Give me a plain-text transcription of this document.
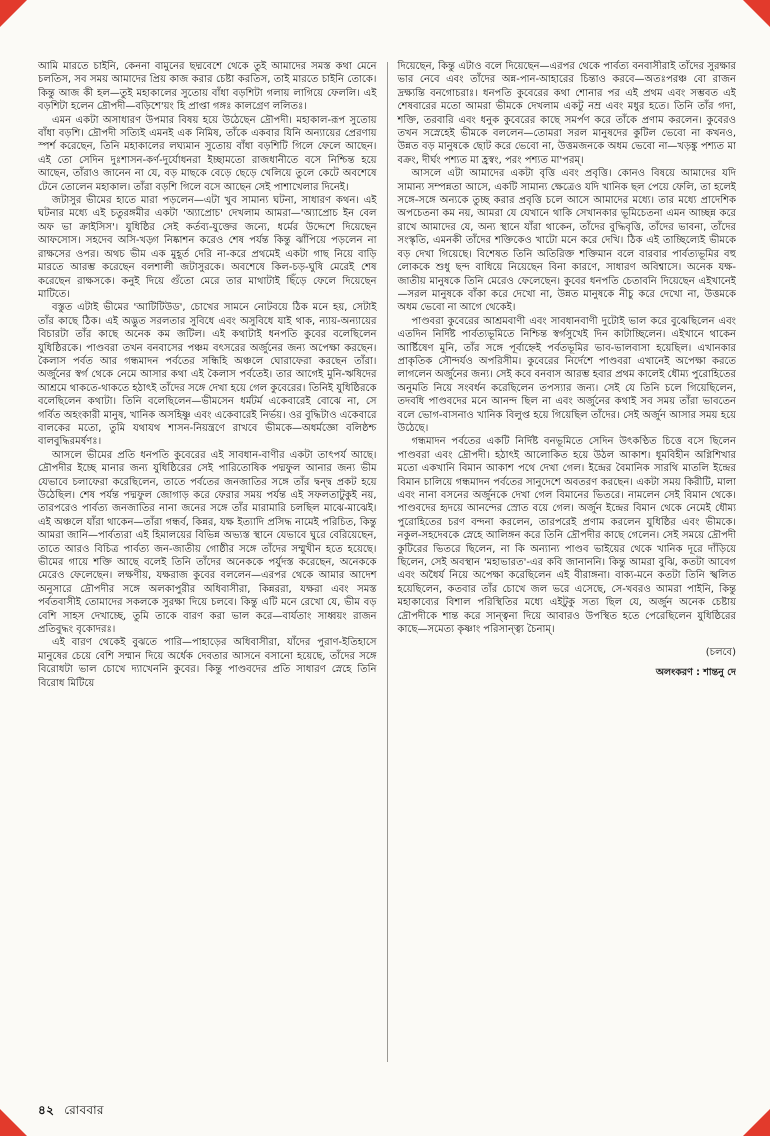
আমি মারতে চাইনি, কেননা বামুনের ছদ্মবেশে থেকে তুই আমাদের সমস্ত কথা মেনে চলতিস, সব সময় আমাদের প্রিয় কাজ করার চেষ্টা করতিস, তাই মারতে চাইনি তোকে। কিন্তু আজ কী হল—তুই মহাকালের সুতোয় বাঁধা বড়শিটা গলায় লাগিয়ে ফেললি। এই বড়শিটা হলেন দ্রৌপদী—বড়িশে'য়ং হি প্রাপ্তা গঙ্গঃ কালগ্রেণ ললিতঃ।

এমন একটা অসাধারণ উপমার বিষয় হয়ে উঠেছেন দ্রৌপদী। মহাকাল-রূপ সুতোয় বাঁধা বড়শি। দ্রৌপদী সত্যিই এমনই এক নিমিষ, তাঁকে একবার যিনি অন্যায়ের প্রেরণায় স্পর্শ করেছেন, তিনি মহাকালের লঘ্যমান সুতোয় বাঁধা বড়শিটি গিলে ফেলে আছেন। এই তো সেদিন দুঃশাসন-কর্ণ-দুর্যোধনরা ইচ্ছামতো রাজধানীতে বসে নিশ্চিন্ত হয়ে আছেন, তাঁরাও জানেন না যে, বড় মাছকে বেড়ে ছেড়ে খেলিয়ে তুলে কেটে অবশেষে টেনে তোলেন মহাকাল। তাঁরা বড়শি গিলে বসে আছেন সেই পাশাখেলার দিনেই।

জটাসুর ভীমের হাতে মারা পড়লেন—এটা খুব সামান্য ঘটনা, সাধারণ কথন। এই ঘটনার মধ্যে এই চতুরঙ্গমীর একটা 'অ্যাপ্রোচ' দেখলাম আমরা—'অ্যাপ্রোচ ইন বেল অফ ভা ক্রাইসিস'। যুধিষ্ঠির সেই কর্তব্য-যুক্তের জন্যে, ধর্মের উদ্দেশে দিয়েছেন আফসোস। সহদেব অসি-খড়্গ নিষ্কাশন করেও শেষ পর্যন্ত কিন্তু ঝাঁপিয়ে পড়লেন না রাক্ষসের ওপর। অথচ ভীম এক মুহূর্ত দেরি না-করে প্রথমেই একটা গাছ নিয়ে বাড়ি মারতে আরম্ভ করেছেন বলশালী জটাসুরকে। অবশেষে কিল-চড়-ঘুষি মেরেই শেষ করেছেন রাক্ষসকে। কনুই দিয়ে গুঁতো মেরে তার মাথাটাই ছিঁড়ে ফেলে দিয়েছেন মাটিতে।

বস্তুত এটাই ভীমের 'আটিটিউড', চোখের সামনে নোটবয়ে ঠিক মনে হয়, সেটাই তাঁর কাছে ঠিক। এই অদ্ভুত সরলতার সুবিধে এবং অসুবিধে যাই থাক, ন্যায়-অন্যায়ের বিচারটা তাঁর কাছে অনেক কম জটিল। এই কথাটাই ধনপতি কুবের বলেছিলেন যুধিষ্ঠিরকে। পাণ্ডবরা তখন বনবাসের পঞ্চম বৎসরের অর্জুনের জন্য অপেক্ষা করছেন। কৈলাস পর্বত আর গন্ধমাদন পর্বতের সন্ধিহি অঞ্চলে ঘোরাফেরা করছেন তাঁরা। অর্জুনের স্বর্গ থেকে নেমে আসার কথা এই কৈলাস পর্বতেই। তার আগেই মুনি-ঋষিদের আশ্রমে থাকতে-থাকতে হঠাৎই তাঁদের সঙ্গে দেখা হয়ে গেল কুবেরের। তিনিই যুধিষ্ঠিরকে বলেছিলেন কথাটা। তিনি বলেছিলেন—ভীমসেন ধর্মটর্ম একেবারেই বোঝে না, সে গর্বিত অহংকারী মানুষ, খানিক অসহিষ্ণু এবং একেবারেই নির্ভয়। ওর বুদ্ধিটাও একেবারে বালকের মতো, তুমি যথাযথ শাসন-নিয়ন্ত্রণে রাখবে ভীমকে—অধর্মজ্ঞো বলিষ্ঠশ্চ বালবুদ্ধিরমর্ষণঃ।

আসলে ভীমের প্রতি ধনপতি কুবেরের এই সাবধান-বাণীর একটা তাৎপর্য আছে। দ্রৌপদীর ইচ্ছে মানার জন্য যুধিষ্ঠিরের সেই পারিতোষিক পদ্মফুল আনার জন্য ভীম যেভাবে চলাফেরা করেছিলেন, তাতে পর্বতের জনজাতির সঙ্গে তাঁর দ্বন্দ্ব প্রকট হয়ে উঠেছিল। শেষ পর্যন্ত পদ্মফুল জোগাড় করে ফেরার সময় পর্যন্ত এই সফলতাটুকুই নয়, তারপরেও পার্বত্য জনজাতির নানা জনের সঙ্গে তাঁর মারামারি চলছিল মাঝে-মাঝেই। এই অঞ্চলে যাঁরা থাকেন—তাঁরা গন্ধর্ব, কিন্নর, যক্ষ ইত্যাদি প্রসিদ্ধ নামেই পরিচিত, কিন্তু আমরা জানি—পার্বত্যরা এই হিমালয়ের বিভিন্ন অভ্যস্ত স্থানে যেভাবে ঘুরে বেরিয়েছেন, তাতে আরও বিচিত্র পার্বত্য জন-জাতীয় গোষ্ঠীর সঙ্গে তাঁদের সম্মুখীন হতে হয়েছে। ভীমের গায়ে শক্তি আছে বলেই তিনি তাঁদের অনেককে পর্যুদস্ত করেছেন, অনেককে মেরেও ফেলেছেন। লক্ষণীয়, যক্ষরাজ কুবের বললেন—এরপর থেকে আমার আদেশ অনুসারে দ্রৌপদীর সঙ্গে অলকাপুরীর অধিবাসীরা, কিন্নররা, যক্ষরা এবং সমস্ত পর্বতবাসীই তোমাদের সকলকে সুরক্ষা দিয়ে চলবে। কিন্তু এটি মনে রেখো যে, ভীম বড় বেশি সাহস দেখাচ্ছে, তুমি তাকে বারণ করা ভাল করে—বার্যতাং সাধ্বয়ং রাজন প্রতিবুদ্ধং বৃকোদরঃ।

এই বারণ থেকেই বুঝতে পারি—পাহাড়ের অধিবাসীরা, যাঁদের পুরাণ-ইতিহাসে মানুষের চেয়ে বেশি সম্মান দিয়ে অর্ধেক দেবতার আসনে বসানো হয়েছে, তাঁদের সঙ্গে বিরোধটা ভাল চোখে দ্যাখেননি কুবের। কিন্তু পাণ্ডবদের প্রতি সাধারণ স্নেহে তিনি বিরোধ মিটিয়ে

দিয়েছেন, কিন্তু এটাও বলে দিয়েছেন—এরপর থেকে পার্বত্য বনবাসীরাই তাঁদের সুরক্ষার ভার নেবে এবং তাঁদের অন্ন-পান-আহারের চিন্তাও করবে—অতঃপরঞ্চ বো রাজন দ্রক্ষ্যন্তি বনগোচরাঃ। ধনপতি কুবেরের কথা শোনার পর এই প্রথম এবং সম্ভবত এই শেষবারের মতো আমরা ভীমকে দেখলাম একটু নম্র এবং মধুর হতে। তিনি তাঁর গদা, শক্তি, তরবারি এবং ধনুক কুবেরের কাছে সমর্পণ করে তাঁকে প্রণাম করলেন। কুবেরও তখন সস্নেহেই ভীমকে বললেন—তোমরা সরল মানুষদের কুটিল ভেবো না কখনও, উন্নত বড় মানুষকে ছোট করে ভেবো না, উত্তমজনকে অধম ভেবো না—খড়ঙ্কু পশ্যত মা বক্রং, দীর্ঘং পশ্যত মা হ্রস্বং, পরং পশ্যত মা'পরম্।

আসলে এটা আমাদের একটা বৃত্তি এবং প্রবৃত্তি। কোনও বিষয়ে আমাদের যদি সামান্য সম্পন্নতা আসে, একটি সামান্য ক্ষেত্রেও যদি খানিক ছল পেয়ে ফেলি, তা হলেই সঙ্গে-সঙ্গে অন্যকে তুচ্ছ করার প্রবৃত্তি চলে আসে আমাদের মধ্যে। তার মধ্যে প্রাদেশিক অপচেতনা কম নয়, আমরা যে যেখানে থাকি সেখানকার ভূমিচেতনা এমন আচ্ছন্ন করে রাখে আমাদের যে, অন্য স্থানে যাঁরা থাকেন, তাঁদের বুদ্ধিবৃত্তি, তাঁদের ভাবনা, তাঁদের সংস্কৃতি, এমনকী তাঁদের শক্তিকেও খাটো মনে করে দেখি। ঠিক এই তাচ্ছিল্যেই ভীমকে বড় দেখা গিয়েছে। বিশেষত তিনি অতিরিক্ত শক্তিমান বলে বারবার পার্বত্যভূমির বহু লোককে শুধু ছন্দ বাধিয়ে নিয়েছেন বিনা কারণে, সাধারণ অবিশ্বাসে। অনেক যক্ষ-জাতীয় মানুষকে তিনি মেরেও ফেলেছেন। কুবের ধনপতি চেতাবনি দিয়েছেন এইখানেই—সরল মানুষকে বাঁকা করে দেখো না, উন্নত মানুষকে নীচু করে দেখো না, উত্তমকে অধম ভেবো না আগে থেকেই।

পাণ্ডবরা কুবেরের আশ্রমবাণী এবং সাবধানবাণী দুটোই ভাল করে বুঝেছিলেন এবং এতদিন নির্দিষ্ট পার্বত্যভূমিতে নিশ্চিন্ত স্বর্গসুখেই দিন কাটাচ্ছিলেন। এইখানে থাকেন আর্ষ্টিষেণ মুনি, তাঁর সঙ্গে পূর্বাহ্নেই পর্বতভূমির ভাব-ভালবাসা হয়েছিল। এখানকার প্রাকৃতিক সৌন্দর্যও অপরিসীম। কুবেরের নির্দেশে পাণ্ডবরা এখানেই অপেক্ষা করতে লাগলেন অর্জুনের জন্য। সেই কবে বনবাস আরম্ভ হবার প্রথম কালেই ধৌম্য পুরোহিতের অনুমতি নিয়ে সংবর্ধন করেছিলেন তপস্যার জন্য। সেই যে তিনি চলে গিয়েছিলেন, তদবধি পাণ্ডবদের মনে আনন্দ ছিল না এবং অর্জুনের কথাই সব সময় তাঁরা ভাবতেন বলে ভোগ-বাসনাও খানিক বিলুপ্ত হয়ে গিয়েছিল তাঁদের। সেই অর্জুন আসার সময় হয়ে উঠেছে।

গন্ধমাদন পর্বতের একটি নির্দিষ্ট বনভূমিতে সেদিন উৎকণ্ঠিত চিত্তে বসে ছিলেন পাণ্ডবরা এবং দ্রৌপদী। হঠাৎই আলোকিত হয়ে উঠল আকাশ। ধূমবিহীন অগ্নিশিখার মতো একখানি বিমান আকাশ পথে দেখা গেল। ইন্দ্রের বৈমানিক সারথি মাতলি ইন্দ্রের বিমান চালিয়ে গন্ধমাদন পর্বতের সানুদেশে অবতরণ করছেন। একটা সময় কিরীটি, মালা এবং নানা বসনের অর্জুনকে দেখা গেল বিমানের ভিতরে। নামলেন সেই বিমান থেকে। পাণ্ডবদের হৃদয়ে আনন্দের স্রোত বয়ে গেল। অর্জুন ইন্দ্রের বিমান থেকে নেমেই ধৌম্য পুরোহিতের চরণ বন্দনা করলেন, তারপরেই প্রণাম করলেন যুধিষ্ঠির এবং ভীমকে। নকুল-সহদেবকে স্নেহে আলিঙ্গন করে তিনি দ্রৌপদীর কাছে গেলেন। সেই সময়ে দ্রৌপদী কুটিরের ভিতরে ছিলেন, না কি অন্যান্য পাণ্ডব ভাইয়ের থেকে খানিক দূরে দাঁড়িয়ে ছিলেন, সেই অবস্থান 'মহাভারত'-এর কবি জানাননি। কিন্তু আমরা বুঝি, কতটা আবেগ এবং অধৈর্য নিয়ে অপেক্ষা করেছিলেন এই বীরাঙ্গনা। বাক্য-মনে কতটা তিনি স্খলিত হয়েছিলেন, কতবার তাঁর চোখে জল ভরে এসেছে, সে-খবরও আমরা পাইনি, কিন্তু মহাকাব্যের বিশাল পরিস্থিতির মধ্যে এইটুকু সত্য ছিল যে, অর্জুন অনেক চেষ্টায় দ্রৌপদীকে শান্ত করে সান্ত্বনা দিয়ে আবারও উপস্থিত হতে পেরেছিলেন যুধিষ্ঠিরের কাছে—সমেত্য কৃষ্ণাং পরিসান্ত্ব্য চৈনাম্।

(চলবে)
অলংকরণ : শান্তনু দে
৪২ রোববার
